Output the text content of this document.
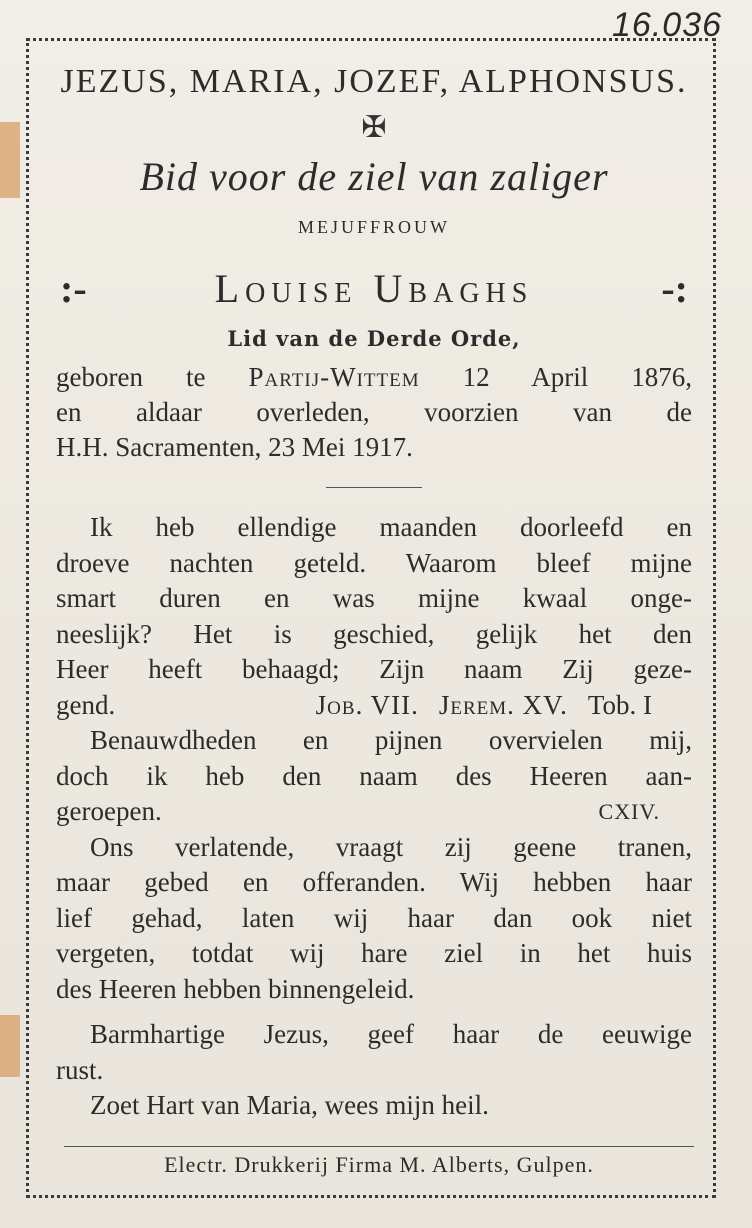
16.036

JEZUS, MARIA, JOZEF, ALPHONSUS.

✠

Bid voor de ziel van zaliger

MEJUFFROUW
:-	Louise Ubaghs	-:
Lid van de Derde Orde,
geboren te Partij-Wittem 12 April 1876,
en aldaar overleden, voorzien van de
H.H. Sacramenten, 23 Mei 1917.
Ik heb ellendige maanden doorleefd en
droeve nachten geteld. Waarom bleef mijne
smart duren en was mijne kwaal onge-
neeslijk? Het is geschied, gelijk het den
Heer heeft behaagd; Zijn naam Zij geze-
gend.	Job. VII. Jerem. XV. Tob. I
Benauwdheden en pijnen overvielen mij,
doch ik heb den naam des Heeren aan-
geroepen.	CXIV.
Ons verlatende, vraagt zij geene tranen,
maar gebed en offeranden. Wij hebben haar
lief gehad, laten wij haar dan ook niet
vergeten, totdat wij hare ziel in het huis
des Heeren hebben binnengeleid.
Barmhartige Jezus, geef haar de eeuwige
rust.
Zoet Hart van Maria, wees mijn heil.
Electr. Drukkerij Firma M. Alberts, Gulpen.
